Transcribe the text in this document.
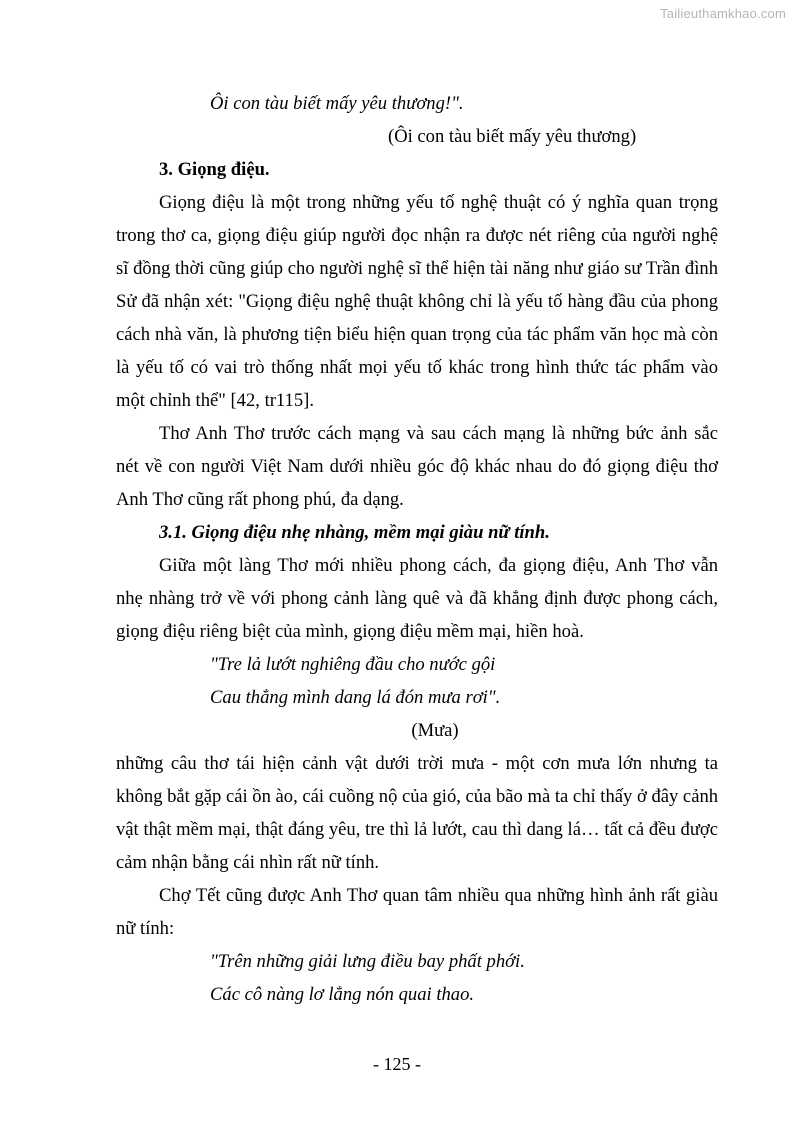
Tailieuthamkhao.com
Ôi con tàu biết mấy yêu thương!".
(Ôi con tàu biết mấy yêu thương)
3. Giọng điệu.
Giọng điệu là một trong những yếu tố nghệ thuật có ý nghĩa quan trọng
trong thơ ca, giọng điệu giúp người đọc nhận ra được nét riêng của người nghệ
sĩ đồng thời cũng giúp cho người nghệ sĩ thể hiện tài năng như giáo sư Trần đình
Sử đã nhận xét: "Giọng điệu nghệ thuật không chỉ là yếu tố hàng đầu của phong
cách nhà văn, là phương tiện biểu hiện quan trọng của tác phẩm văn học mà còn
là yếu tố có vai trò thống nhất mọi yếu tố khác trong hình thức tác phẩm vào
một chỉnh thể" [42, tr115].
Thơ Anh Thơ trước cách mạng và sau cách mạng là những bức ảnh sắc
nét về con người Việt Nam dưới nhiều góc độ khác nhau do đó giọng điệu thơ
Anh Thơ cũng rất phong phú, đa dạng.
3.1. Giọng điệu nhẹ nhàng, mềm mại giàu nữ tính.
Giữa một làng Thơ mới nhiều phong cách, đa giọng điệu, Anh Thơ vẫn
nhẹ nhàng trở về với phong cảnh làng quê và đã khẳng định được phong cách,
giọng điệu riêng biệt của mình, giọng điệu mềm mại, hiền hoà.
"Tre lả lướt nghiêng đầu cho nước gội
Cau thẳng mình dang lá đón mưa rơi".
(Mưa)
những câu thơ tái hiện cảnh vật dưới trời mưa - một cơn mưa lớn nhưng ta
không bắt gặp cái ồn ào, cái cuồng nộ của gió, của bão mà ta chỉ thấy ở đây cảnh
vật thật mềm mại, thật đáng yêu, tre thì lả lướt, cau thì dang lá… tất cả đều được
cảm nhận bằng cái nhìn rất nữ tính.
Chợ Tết cũng được Anh Thơ quan tâm nhiều qua những hình ảnh rất giàu
nữ tính:
"Trên những giải lưng điều bay phất phới.
Các cô nàng lơ lẳng nón quai thao.
- 125 -
